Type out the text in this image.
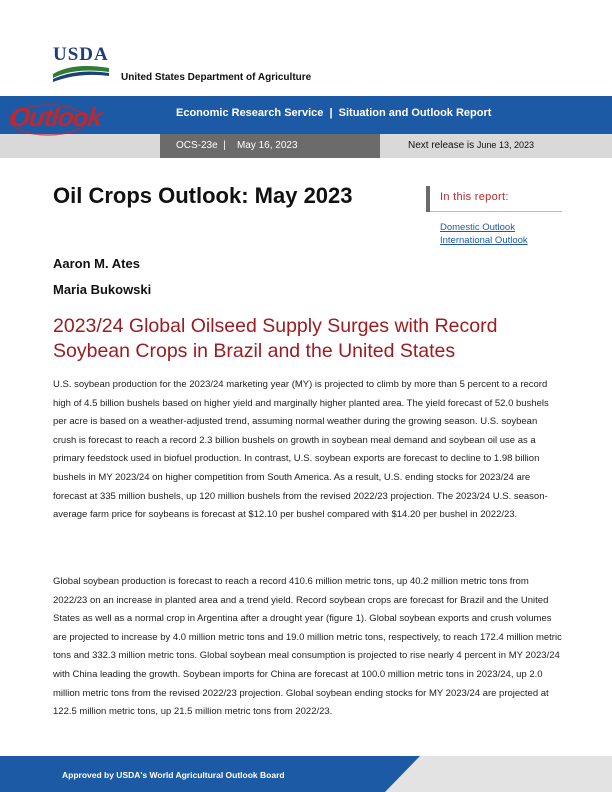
USDA
United States Department of Agriculture
Outlook	Economic Research Service  |  Situation and Outlook Report
OCS-23e  |    May 16, 2023	Next release is June 13, 2023
Oil Crops Outlook: May 2023
Aaron M. Ates
Maria Bukowski
In this report:
Domestic Outlook
International Outlook
2023/24 Global Oilseed Supply Surges with Record Soybean Crops in Brazil and the United States

U.S. soybean production for the 2023/24 marketing year (MY) is projected to climb by more than 5 percent to a record high of 4.5 billion bushels based on higher yield and marginally higher planted area. The yield forecast of 52.0 bushels per acre is based on a weather-adjusted trend, assuming normal weather during the growing season. U.S. soybean crush is forecast to reach a record 2.3 billion bushels on growth in soybean meal demand and soybean oil use as a primary feedstock used in biofuel production. In contrast, U.S. soybean exports are forecast to decline to 1.98 billion bushels in MY 2023/24 on higher competition from South America. As a result, U.S. ending stocks for 2023/24 are forecast at 335 million bushels, up 120 million bushels from the revised 2022/23 projection. The 2023/24 U.S. season-average farm price for soybeans is forecast at $12.10 per bushel compared with $14.20 per bushel in 2022/23.

Global soybean production is forecast to reach a record 410.6 million metric tons, up 40.2 million metric tons from 2022/23 on an increase in planted area and a trend yield. Record soybean crops are forecast for Brazil and the United States as well as a normal crop in Argentina after a drought year (figure 1). Global soybean exports and crush volumes are projected to increase by 4.0 million metric tons and 19.0 million metric tons, respectively, to reach 172.4 million metric tons and 332.3 million metric tons. Global soybean meal consumption is projected to rise nearly 4 percent in MY 2023/24 with China leading the growth. Soybean imports for China are forecast at 100.0 million metric tons in 2023/24, up 2.0 million metric tons from the revised 2022/23 projection. Global soybean ending stocks for MY 2023/24 are projected at 122.5 million metric tons, up 21.5 million metric tons from 2022/23.

Approved by USDA's World Agricultural Outlook Board
